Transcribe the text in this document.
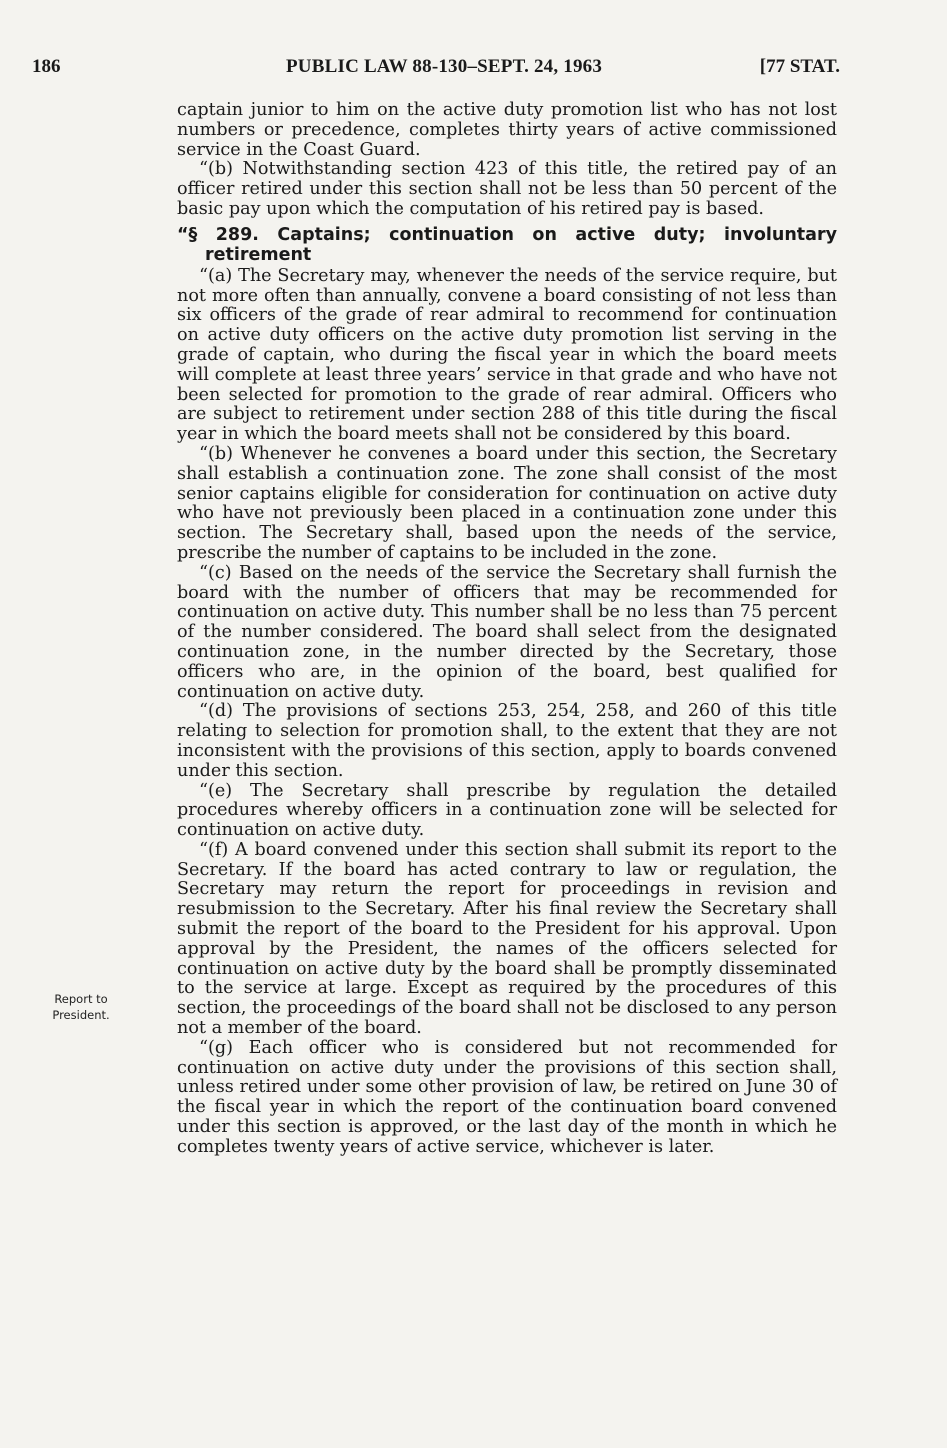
186	PUBLIC LAW 88-130–SEPT. 24, 1963	[77 STAT.
Report to
President.

captain junior to him on the active duty promotion list who has not lost numbers or precedence, completes thirty years of active commissioned service in the Coast Guard.

“(b) Notwithstanding section 423 of this title, the retired pay of an officer retired under this section shall not be less than 50 percent of the basic pay upon which the computation of his retired pay is based.

“§ 289. Captains; continuation on active duty; involuntary
retirement

“(a) The Secretary may, whenever the needs of the service require, but not more often than annually, convene a board consisting of not less than six officers of the grade of rear admiral to recommend for continuation on active duty officers on the active duty promotion list serving in the grade of captain, who during the fiscal year in which the board meets will complete at least three years’ service in that grade and who have not been selected for promotion to the grade of rear admiral. Officers who are subject to retirement under section 288 of this title during the fiscal year in which the board meets shall not be considered by this board.

“(b) Whenever he convenes a board under this section, the Secretary shall establish a continuation zone. The zone shall consist of the most senior captains eligible for consideration for continuation on active duty who have not previously been placed in a continuation zone under this section. The Secretary shall, based upon the needs of the service, prescribe the number of captains to be included in the zone.

“(c) Based on the needs of the service the Secretary shall furnish the board with the number of officers that may be recommended for continuation on active duty. This number shall be no less than 75 percent of the number considered. The board shall select from the designated continuation zone, in the number directed by the Secretary, those officers who are, in the opinion of the board, best qualified for continuation on active duty.

“(d) The provisions of sections 253, 254, 258, and 260 of this title relating to selection for promotion shall, to the extent that they are not inconsistent with the provisions of this section, apply to boards convened under this section.

“(e) The Secretary shall prescribe by regulation the detailed procedures whereby officers in a continuation zone will be selected for continuation on active duty.

“(f) A board convened under this section shall submit its report to the Secretary. If the board has acted contrary to law or regulation, the Secretary may return the report for proceedings in revision and resubmission to the Secretary. After his final review the Secretary shall submit the report of the board to the President for his approval. Upon approval by the President, the names of the officers selected for continuation on active duty by the board shall be promptly disseminated to the service at large. Except as required by the procedures of this section, the proceedings of the board shall not be disclosed to any person not a member of the board.

“(g) Each officer who is considered but not recommended for continuation on active duty under the provisions of this section shall, unless retired under some other provision of law, be retired on June 30 of the fiscal year in which the report of the continuation board convened under this section is approved, or the last day of the month in which he completes twenty years of active service, whichever is later.
